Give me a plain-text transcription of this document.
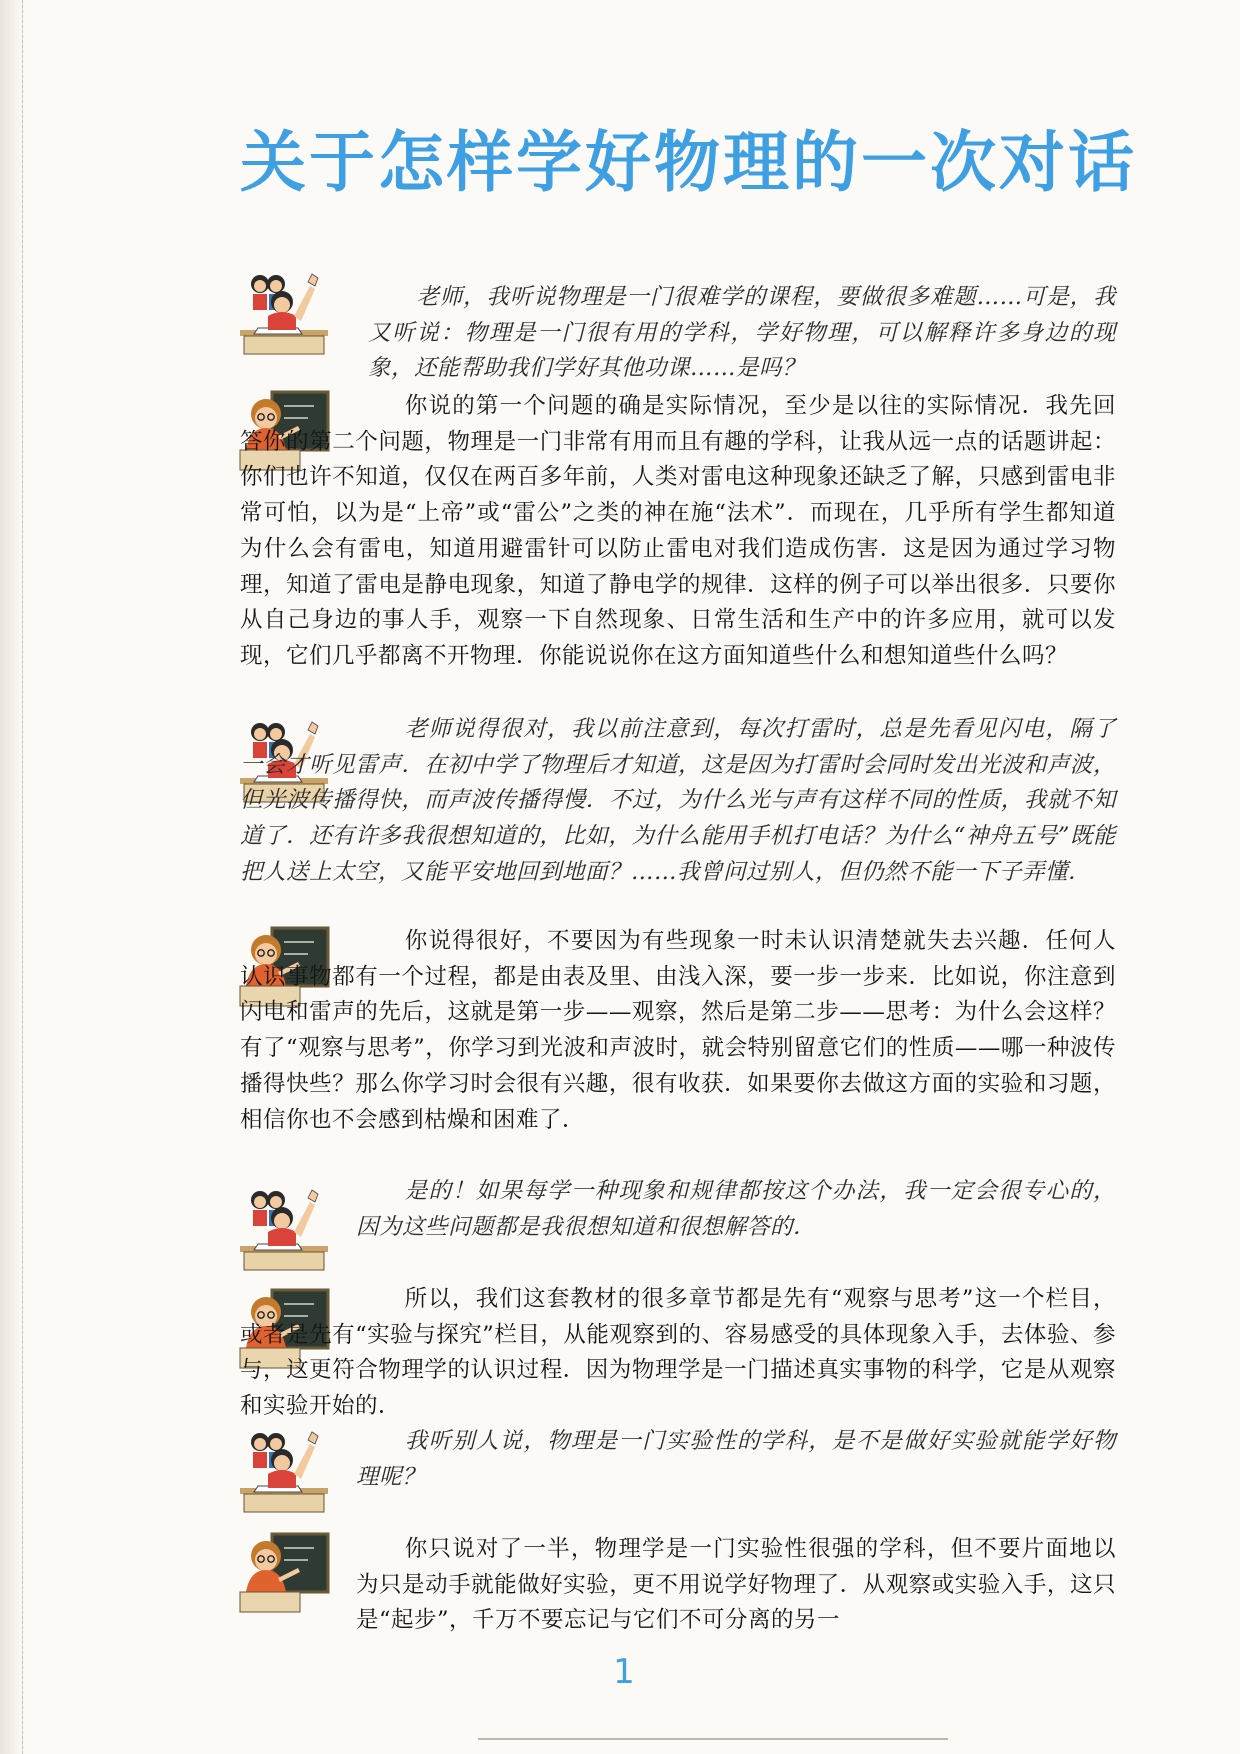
关于怎样学好物理的一次对话

老师，我听说物理是一门很难学的课程，要做很多难题……可是，我又听说：物理是一门很有用的学科，学好物理，可以解释许多身边的现象，还能帮助我们学好其他功课……是吗？

你说的第一个问题的确是实际情况，至少是以往的实际情况．我先回答你的第二个问题，物理是一门非常有用而且有趣的学科，让我从远一点的话题讲起：你们也许不知道，仅仅在两百多年前，人类对雷电这种现象还缺乏了解，只感到雷电非常可怕，以为是“上帝”或“雷公”之类的神在施“法术”．而现在，几乎所有学生都知道为什么会有雷电，知道用避雷针可以防止雷电对我们造成伤害．这是因为通过学习物理，知道了雷电是静电现象，知道了静电学的规律．这样的例子可以举出很多．只要你从自己身边的事人手，观察一下自然现象、日常生活和生产中的许多应用，就可以发现，它们几乎都离不开物理．你能说说你在这方面知道些什么和想知道些什么吗？

老师说得很对，我以前注意到，每次打雷时，总是先看见闪电，隔了一会才听见雷声．在初中学了物理后才知道，这是因为打雷时会同时发出光波和声波，但光波传播得快，而声波传播得慢．不过，为什么光与声有这样不同的性质，我就不知道了．还有许多我很想知道的，比如，为什么能用手机打电话？为什么“神舟五号”既能把人送上太空，又能平安地回到地面？……我曾问过别人，但仍然不能一下子弄懂．

你说得很好，不要因为有些现象一时未认识清楚就失去兴趣．任何人认识事物都有一个过程，都是由表及里、由浅入深，要一步一步来．比如说，你注意到闪电和雷声的先后，这就是第一步——观察，然后是第二步——思考：为什么会这样？有了“观察与思考”，你学习到光波和声波时，就会特别留意它们的性质——哪一种波传播得快些？那么你学习时会很有兴趣，很有收获．如果要你去做这方面的实验和习题，相信你也不会感到枯燥和困难了．

是的！如果每学一种现象和规律都按这个办法，我一定会很专心的，因为这些问题都是我很想知道和很想解答的．

所以，我们这套教材的很多章节都是先有“观察与思考”这一个栏目，或者是先有“实验与探究”栏目，从能观察到的、容易感受的具体现象入手，去体验、参与，这更符合物理学的认识过程．因为物理学是一门描述真实事物的科学，它是从观察和实验开始的．

我听别人说，物理是一门实验性的学科，是不是做好实验就能学好物理呢？

你只说对了一半，物理学是一门实验性很强的学科，但不要片面地以为只是动手就能做好实验，更不用说学好物理了．从观察或实验入手，这只是“起步”，千万不要忘记与它们不可分离的另一

1
